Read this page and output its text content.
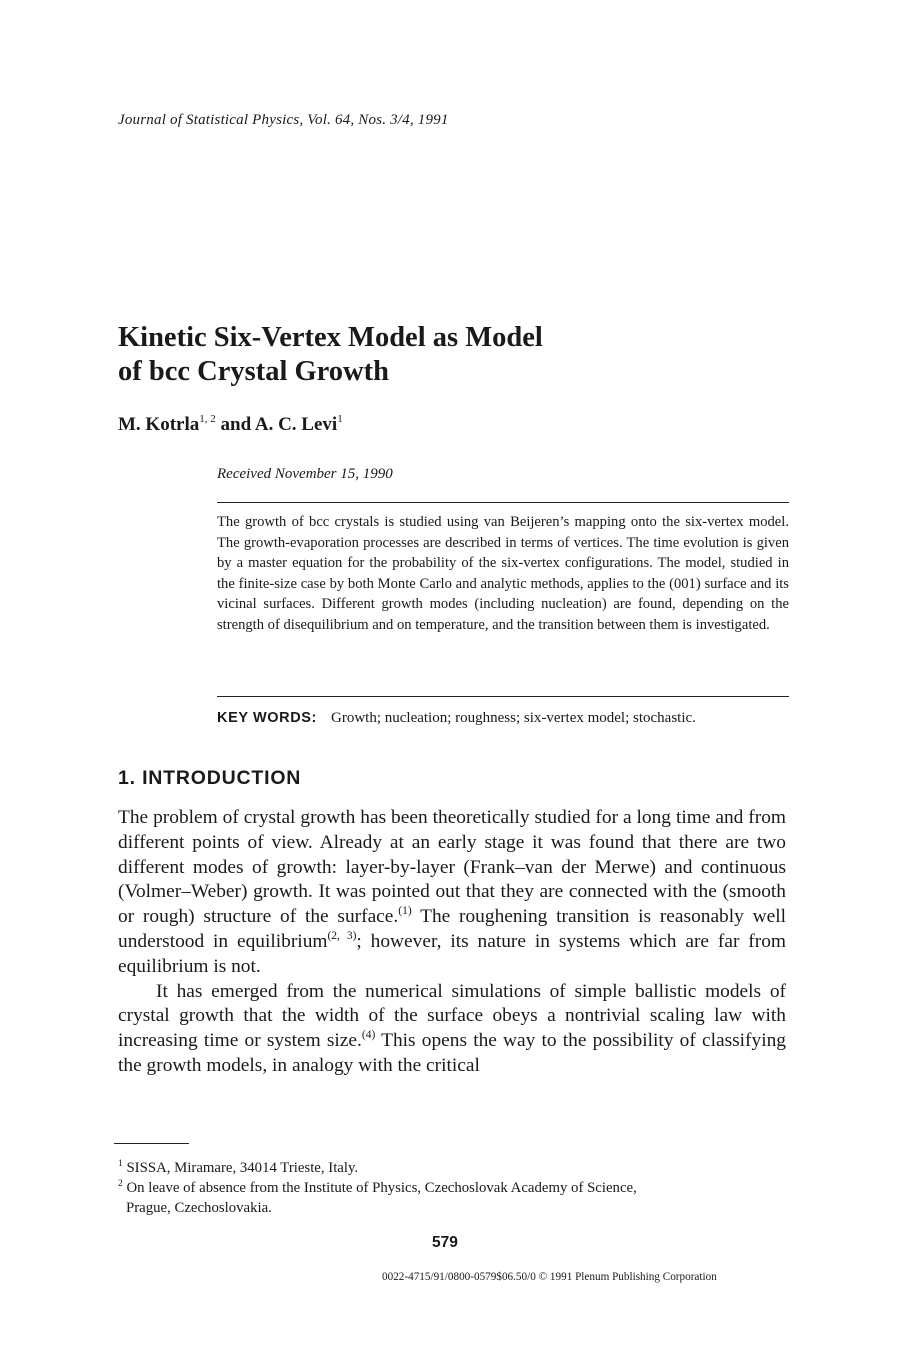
Journal of Statistical Physics, Vol. 64, Nos. 3/4, 1991
Kinetic Six-Vertex Model as Model
of bcc Crystal Growth
M. Kotrla$^{1, 2}$ and A. C. Levi$^1$
Received November 15, 1990
The growth of bcc crystals is studied using van Beijeren’s mapping onto the six-vertex model. The growth-evaporation processes are described in terms of vertices. The time evolution is given by a master equation for the probability of the six-vertex configurations. The model, studied in the finite-size case by both Monte Carlo and analytic methods, applies to the (001) surface and its vicinal surfaces. Different growth modes (including nucleation) are found, depending on the strength of disequilibrium and on temperature, and the transition between them is investigated.
KEY WORDS: Growth; nucleation; roughness; six-vertex model; stochastic.
1. INTRODUCTION

The problem of crystal growth has been theoretically studied for a long time and from different points of view. Already at an early stage it was found that there are two different modes of growth: layer-by-layer (Frank–van der Merwe) and continuous (Volmer–Weber) growth. It was pointed out that they are connected with the (smooth or rough) structure of the surface.$^{(1)}$ The roughening transition is reasonably well understood in equilibrium$^{(2, 3)}$; however, its nature in systems which are far from equilibrium is not.

It has emerged from the numerical simulations of simple ballistic models of crystal growth that the width of the surface obeys a nontrivial scaling law with increasing time or system size.$^{(4)}$ This opens the way to the possibility of classifying the growth models, in analogy with the critical

$^1$ SISSA, Miramare, 34014 Trieste, Italy.

$^2$ On leave of absence from the Institute of Physics, Czechoslovak Academy of Science,

Prague, Czechoslovakia.

579
0022-4715/91/0800-0579$06.50/0 © 1991 Plenum Publishing Corporation
